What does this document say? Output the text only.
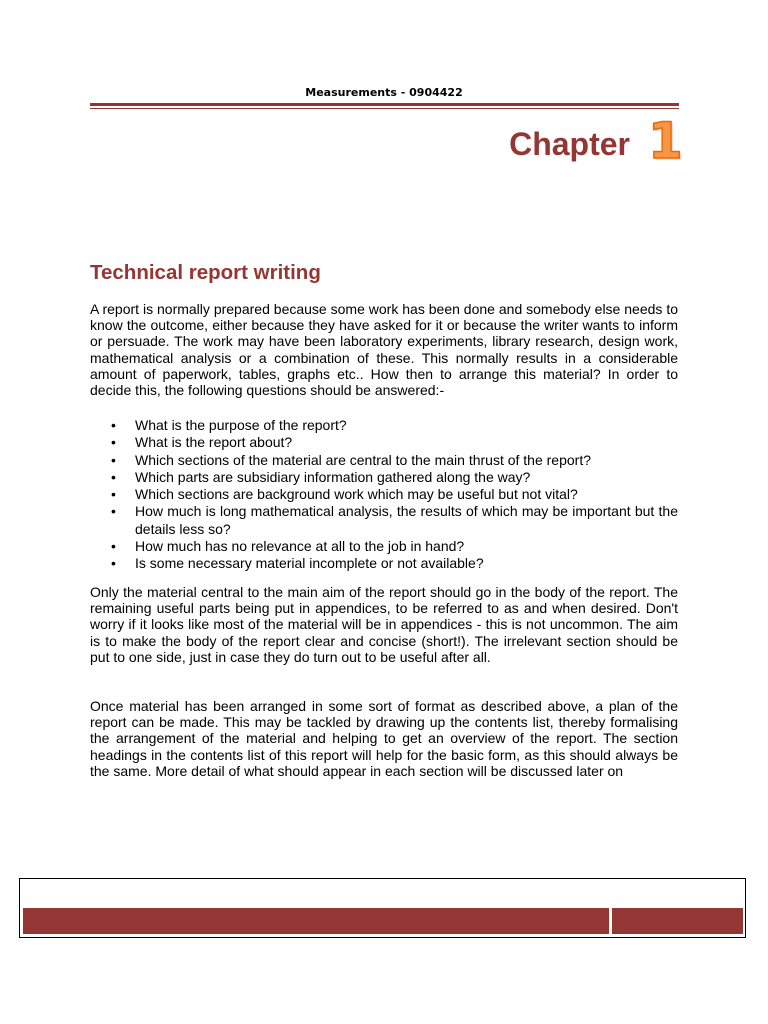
Measurements - 0904422
Chapter 1
Technical report writing
A report is normally prepared because some work has been done and somebody else needs to know the outcome, either because they have asked for it or because the writer wants to inform or persuade. The work may have been laboratory experiments, library research, design work, mathematical analysis or a combination of these. This normally results in a considerable amount of paperwork, tables, graphs etc.. How then to arrange this material? In order to decide this, the following questions should be answered:-
• What is the purpose of the report?
• What is the report about?
• Which sections of the material are central to the main thrust of the report?
• Which parts are subsidiary information gathered along the way?
• Which sections are background work which may be useful but not vital?
• How much is long mathematical analysis, the results of which may be important but the details less so?
• How much has no relevance at all to the job in hand?
• Is some necessary material incomplete or not available?
Only the material central to the main aim of the report should go in the body of the report. The remaining useful parts being put in appendices, to be referred to as and when desired. Don't worry if it looks like most of the material will be in appendices - this is not uncommon. The aim is to make the body of the report clear and concise (short!). The irrelevant section should be put to one side, just in case they do turn out to be useful after all.
Once material has been arranged in some sort of format as described above, a plan of the report can be made. This may be tackled by drawing up the contents list, thereby formalising the arrangement of the material and helping to get an overview of the report. The section headings in the contents list of this report will help for the basic form, as this should always be the same. More detail of what should appear in each section will be discussed later on
